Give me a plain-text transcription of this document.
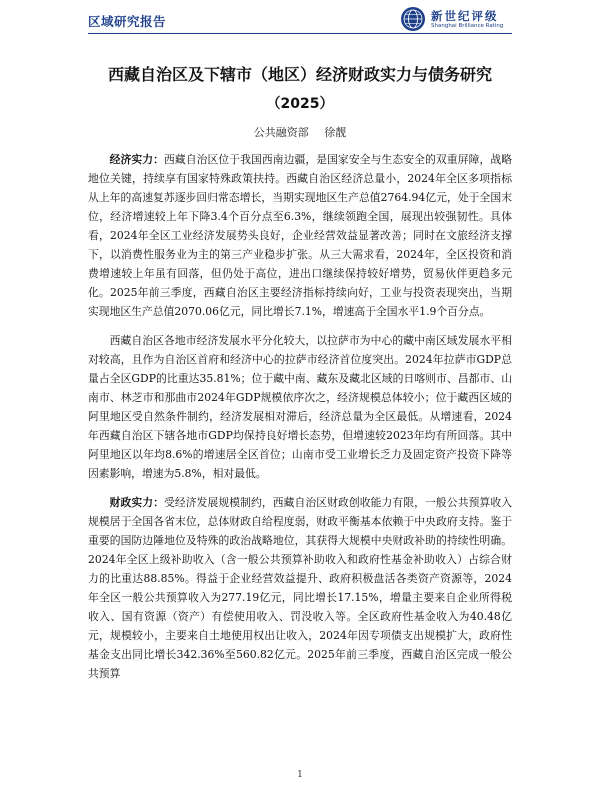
区域研究报告	新世纪评级
Shanghai Brilliance Rating
西藏自治区及下辖市（地区）经济财政实力与债务研究
（2025）
公共融资部 徐靓

经济实力：西藏自治区位于我国西南边疆，是国家安全与生态安全的双重屏障，战略地位关键，持续享有国家特殊政策扶持。西藏自治区经济总量小，2024年全区多项指标从上年的高速复苏逐步回归常态增长，当期实现地区生产总值2764.94亿元，处于全国末位，经济增速较上年下降3.4个百分点至6.3%，继续领跑全国，展现出较强韧性。具体看，2024年全区工业经济发展势头良好，企业经营效益显著改善；同时在文旅经济支撑下，以消费性服务业为主的第三产业稳步扩张。从三大需求看，2024年，全区投资和消费增速较上年虽有回落，但仍处于高位，进出口继续保持较好增势，贸易伙伴更趋多元化。2025年前三季度，西藏自治区主要经济指标持续向好，工业与投资表现突出，当期实现地区生产总值2070.06亿元，同比增长7.1%，增速高于全国水平1.9个百分点。

西藏自治区各地市经济发展水平分化较大，以拉萨市为中心的藏中南区域发展水平相对较高，且作为自治区首府和经济中心的拉萨市经济首位度突出。2024年拉萨市GDP总量占全区GDP的比重达35.81%；位于藏中南、藏东及藏北区域的日喀则市、昌都市、山南市、林芝市和那曲市2024年GDP规模依序次之，经济规模总体较小；位于藏西区域的阿里地区受自然条件制约，经济发展相对滞后，经济总量为全区最低。从增速看，2024年西藏自治区下辖各地市GDP均保持良好增长态势，但增速较2023年均有所回落。其中阿里地区以年均8.6%的增速居全区首位；山南市受工业增长乏力及固定资产投资下降等因素影响，增速为5.8%，相对最低。

财政实力：受经济发展规模制约，西藏自治区财政创收能力有限，一般公共预算收入规模居于全国各省末位，总体财政自给程度弱，财政平衡基本依赖于中央政府支持。鉴于重要的国防边陲地位及特殊的政治战略地位，其获得大规模中央财政补助的持续性明确。2024年全区上级补助收入（含一般公共预算补助收入和政府性基金补助收入）占综合财力的比重达88.85%。得益于企业经营效益提升、政府积极盘活各类资产资源等，2024年全区一般公共预算收入为277.19亿元，同比增长17.15%，增量主要来自企业所得税收入、国有资源（资产）有偿使用收入、罚没收入等。全区政府性基金收入为40.48亿元，规模较小，主要来自土地使用权出让收入，2024年因专项债支出规模扩大，政府性基金支出同比增长342.36%至560.82亿元。2025年前三季度，西藏自治区完成一般公共预算

1
